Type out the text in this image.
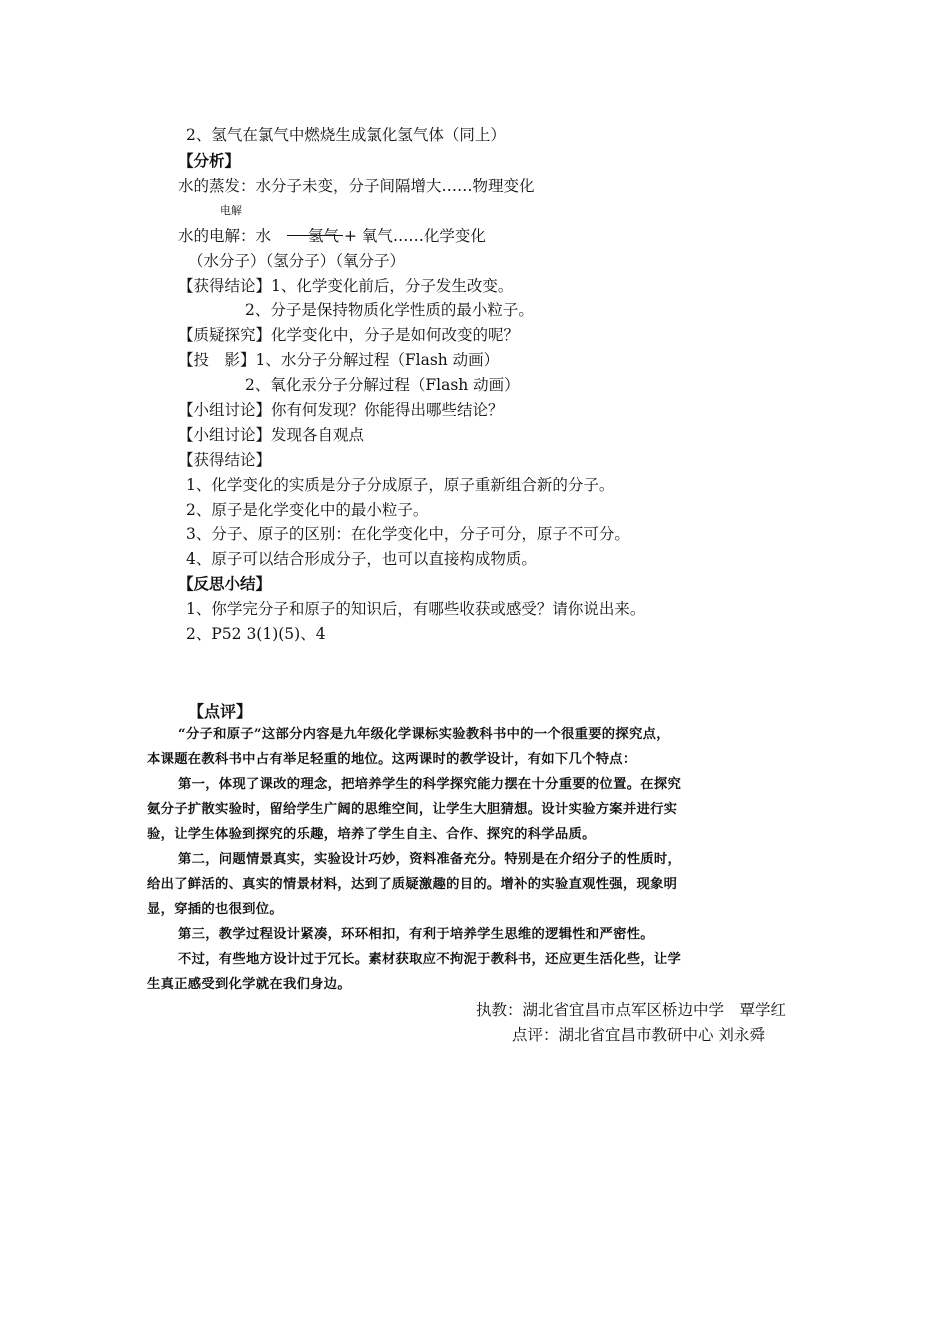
2、氢气在氯气中燃烧生成氯化氢气体（同上）
【分析】
水的蒸发：水分子未变，分子间隔增大……物理变化
电解
水的电解：水 氢气 + 氧气……化学变化
（水分子）（氢分子）（氧分子）
【获得结论】1、化学变化前后，分子发生改变。
2、分子是保持物质化学性质的最小粒子。
【质疑探究】化学变化中，分子是如何改变的呢？
【投　影】1、水分子分解过程（Flash 动画）
2、氧化汞分子分解过程（Flash 动画）
【小组讨论】你有何发现？你能得出哪些结论？
【小组讨论】发现各自观点
【获得结论】
1、化学变化的实质是分子分成原子，原子重新组合新的分子。
2、原子是化学变化中的最小粒子。
3、分子、原子的区别：在化学变化中，分子可分，原子不可分。
4、原子可以结合形成分子，也可以直接构成物质。
【反思小结】
1、你学完分子和原子的知识后，有哪些收获或感受？请你说出来。
2、P52 3(1)(5)、4
【点评】
“分子和原子”这部分内容是九年级化学课标实验教科书中的一个很重要的探究点，
本课题在教科书中占有举足轻重的地位。这两课时的教学设计，有如下几个特点：
第一，体现了课改的理念，把培养学生的科学探究能力摆在十分重要的位置。在探究
氨分子扩散实验时，留给学生广阔的思维空间，让学生大胆猜想。设计实验方案并进行实
验，让学生体验到探究的乐趣，培养了学生自主、合作、探究的科学品质。
第二，问题情景真实，实验设计巧妙，资料准备充分。特别是在介绍分子的性质时，
给出了鲜活的、真实的情景材料，达到了质疑激趣的目的。增补的实验直观性强，现象明
显，穿插的也很到位。
第三，教学过程设计紧凑，环环相扣，有利于培养学生思维的逻辑性和严密性。
不过，有些地方设计过于冗长。素材获取应不拘泥于教科书，还应更生活化些，让学
生真正感受到化学就在我们身边。
执教：湖北省宜昌市点军区桥边中学　覃学红
点评：湖北省宜昌市教研中心 刘永舜
